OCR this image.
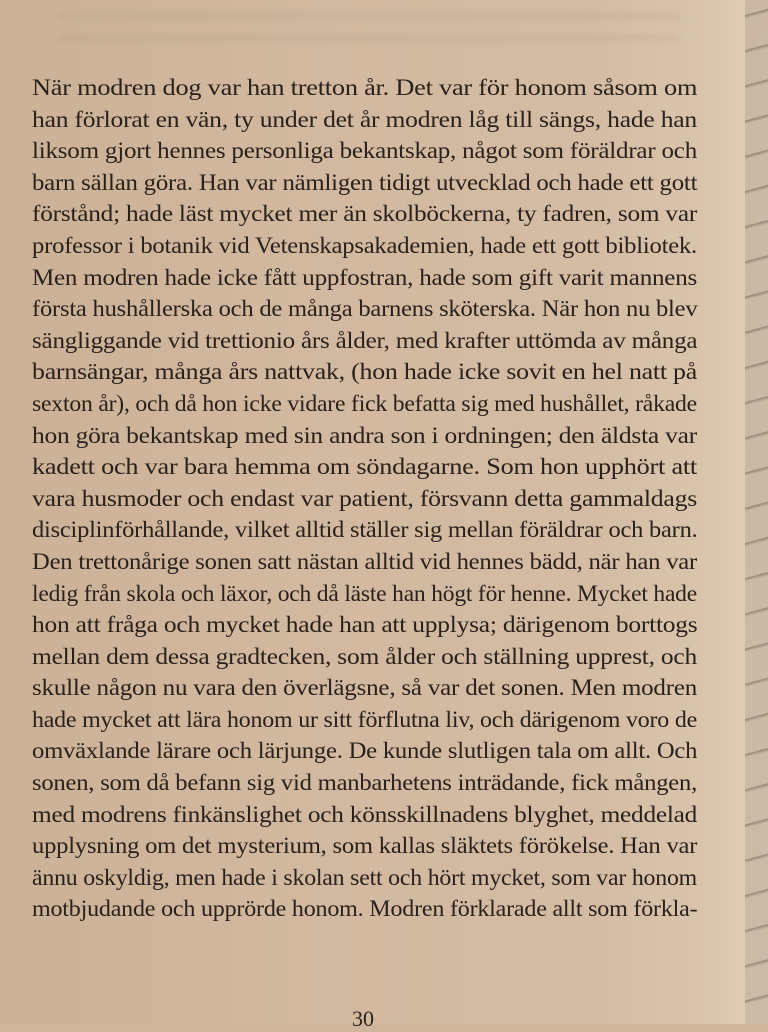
När modren dog var han tretton år. Det var för honom såsom om
han förlorat en vän, ty under det år modren låg till sängs, hade han
liksom gjort hennes personliga bekantskap, något som föräldrar och
barn sällan göra. Han var nämligen tidigt utvecklad och hade ett gott
förstånd; hade läst mycket mer än skolböckerna, ty fadren, som var
professor i botanik vid Vetenskapsakademien, hade ett gott bibliotek.
Men modren hade icke fått uppfostran, hade som gift varit mannens
första hushållerska och de många barnens sköterska. När hon nu blev
sängliggande vid trettionio års ålder, med krafter uttömda av många
barnsängar, många års nattvak, (hon hade icke sovit en hel natt på
sexton år), och då hon icke vidare fick befatta sig med hushållet, råkade
hon göra bekantskap med sin andra son i ordningen; den äldsta var
kadett och var bara hemma om söndagarne. Som hon upphört att
vara husmoder och endast var patient, försvann detta gammaldags
disciplinförhållande, vilket alltid ställer sig mellan föräldrar och barn.
Den trettonårige sonen satt nästan alltid vid hennes bädd, när han var
ledig från skola och läxor, och då läste han högt för henne. Mycket hade
hon att fråga och mycket hade han att upplysa; därigenom borttogs
mellan dem dessa gradtecken, som ålder och ställning upprest, och
skulle någon nu vara den överlägsne, så var det sonen. Men modren
hade mycket att lära honom ur sitt förflutna liv, och därigenom voro de
omväxlande lärare och lärjunge. De kunde slutligen tala om allt. Och
sonen, som då befann sig vid manbarhetens inträdande, fick mången,
med modrens finkänslighet och könsskillnadens blyghet, meddelad
upplysning om det mysterium, som kallas släktets förökelse. Han var
ännu oskyldig, men hade i skolan sett och hört mycket, som var honom
motbjudande och upprörde honom. Modren förklarade allt som förkla-
30
